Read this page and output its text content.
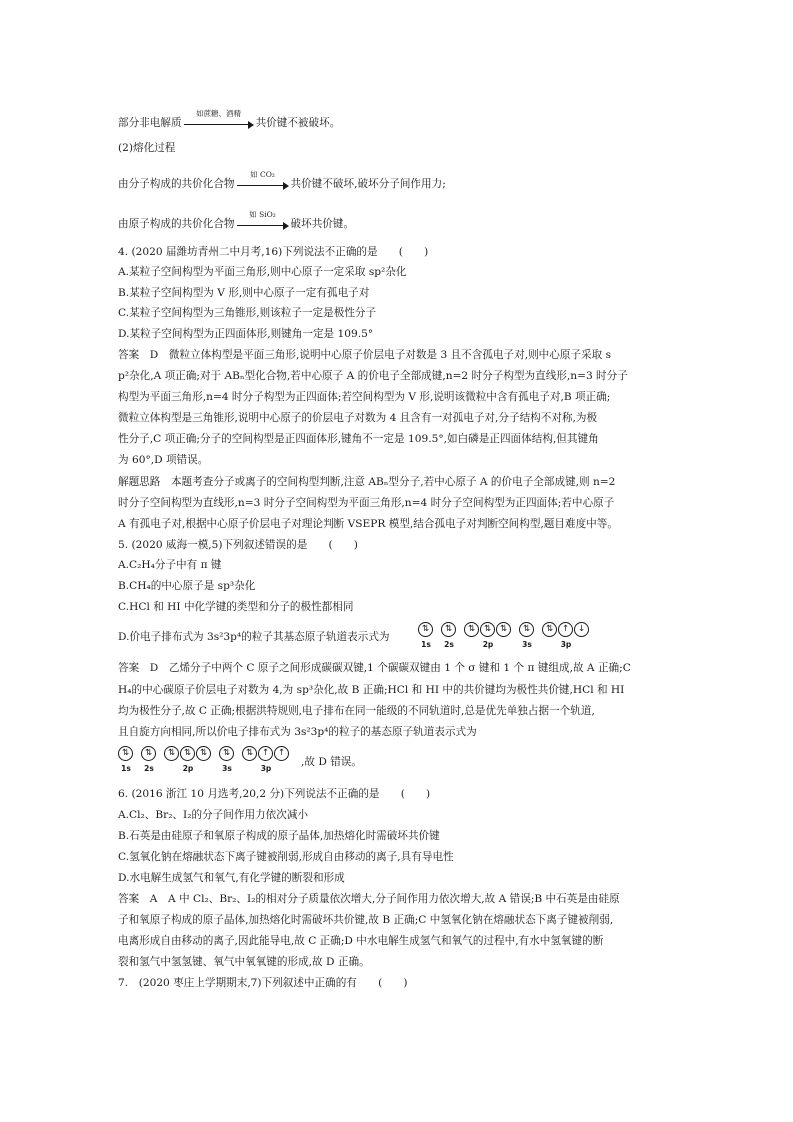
部分非电解质
如蔗糖、酒精
共价键不被破坏。
(2)熔化过程
由分子构成的共价化合物
如 CO₂
共价键不破坏,破坏分子间作用力;
由原子构成的共价化合物
如 SiO₂
破坏共价键。
4. (2020 届潍坊青州二中月考,16)下列说法不正确的是　　(　　)
A.某粒子空间构型为平面三角形,则中心原子一定采取 sp²杂化
B.某粒子空间构型为 V 形,则中心原子一定有孤电子对
C.某粒子空间构型为三角锥形,则该粒子一定是极性分子
D.某粒子空间构型为正四面体形,则键角一定是 109.5°
答案　D　微粒立体构型是平面三角形,说明中心原子价层电子对数是 3 且不含孤电子对,则中心原子采取 s
p²杂化,A 项正确;对于 ABₙ型化合物,若中心原子 A 的价电子全部成键,n=2 时分子构型为直线形,n=3 时分子
构型为平面三角形,n=4 时分子构型为正四面体;若空间构型为 V 形,说明该微粒中含有孤电子对,B 项正确;
微粒立体构型是三角锥形,说明中心原子的价层电子对数为 4 且含有一对孤电子对,分子结构不对称,为极
性分子,C 项正确;分子的空间构型是正四面体形,键角不一定是 109.5°,如白磷是正四面体结构,但其键角
为 60°,D 项错误。
解题思路　本题考查分子或离子的空间构型判断,注意 ABₙ型分子,若中心原子 A 的价电子全部成键,则 n=2
时分子空间构型为直线形,n=3 时分子空间构型为平面三角形,n=4 时分子空间构型为正四面体;若中心原子
A 有孤电子对,根据中心原子价层电子对理论判断 VSEPR 模型,结合孤电子对判断空间构型,题目难度中等。
5. (2020 威海一模,5)下列叙述错误的是　　(　　)
A.C₂H₄分子中有 π 键
B.CH₄的中心原子是 sp³杂化
C.HCl 和 HI 中化学键的类型和分子的极性都相同
D.价电子排布式为 3s²3p⁴的粒子其基态原子轨道表示式为
⇅
1s
⇅
2s
⇅	⇅	⇅
2p
⇅
3s
⇅	↑	↓
3p
答案　D　乙烯分子中两个 C 原子之间形成碳碳双键,1 个碳碳双键由 1 个 σ 键和 1 个 π 键组成,故 A 正确;C
H₄的中心碳原子价层电子对数为 4,为 sp³杂化,故 B 正确;HCl 和 HI 中的共价键均为极性共价键,HCl 和 HI
均为极性分子,故 C 正确;根据洪特规则,电子排布在同一能级的不同轨道时,总是优先单独占据一个轨道,
且自旋方向相同,所以价电子排布式为 3s²3p⁴的粒子的基态原子轨道表示式为
⇅
1s
⇅
2s
⇅	⇅	⇅
2p
⇅
3s
⇅	↑	↑
3p
,故 D 错误。
6. (2016 浙江 10 月选考,20,2 分)下列说法不正确的是　　(　　)
A.Cl₂、Br₂、I₂的分子间作用力依次减小
B.石英是由硅原子和氧原子构成的原子晶体,加热熔化时需破坏共价键
C.氢氧化钠在熔融状态下离子键被削弱,形成自由移动的离子,具有导电性
D.水电解生成氢气和氧气,有化学键的断裂和形成
答案　A　A 中 Cl₂、Br₂、I₂的相对分子质量依次增大,分子间作用力依次增大,故 A 错误;B 中石英是由硅原
子和氧原子构成的原子晶体,加热熔化时需破坏共价键,故 B 正确;C 中氢氧化钠在熔融状态下离子键被削弱,
电离形成自由移动的离子,因此能导电,故 C 正确;D 中水电解生成氢气和氧气的过程中,有水中氢氧键的断
裂和氢气中氢氢键、氧气中氧氧键的形成,故 D 正确。
7.　(2020 枣庄上学期期末,7)下列叙述中正确的有　　(　　)
